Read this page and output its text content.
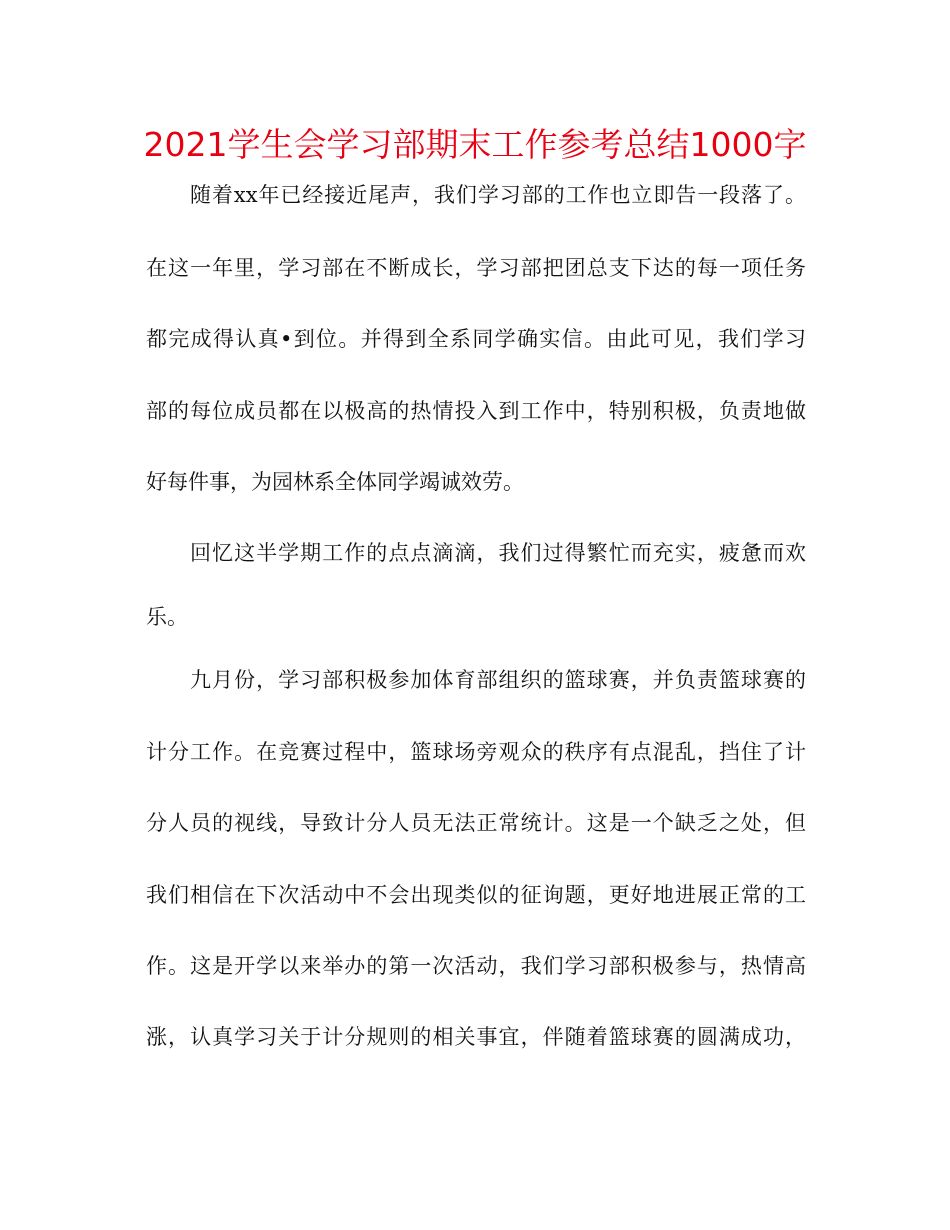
2021学生会学习部期末工作参考总结1000字

随着xx年已经接近尾声，我们学习部的工作也立即告一段落了。

在这一年里，学习部在不断成长，学习部把团总支下达的每一项任务

都完成得认真•到位。并得到全系同学确实信。由此可见，我们学习

部的每位成员都在以极高的热情投入到工作中，特别积极，负责地做

好每件事，为园林系全体同学竭诚效劳。

回忆这半学期工作的点点滴滴，我们过得繁忙而充实，疲惫而欢

乐。

九月份，学习部积极参加体育部组织的篮球赛，并负责篮球赛的

计分工作。在竞赛过程中，篮球场旁观众的秩序有点混乱，挡住了计

分人员的视线，导致计分人员无法正常统计。这是一个缺乏之处，但

我们相信在下次活动中不会出现类似的征询题，更好地进展正常的工

作。这是开学以来举办的第一次活动，我们学习部积极参与，热情高

涨，认真学习关于计分规则的相关事宜，伴随着篮球赛的圆满成功，
